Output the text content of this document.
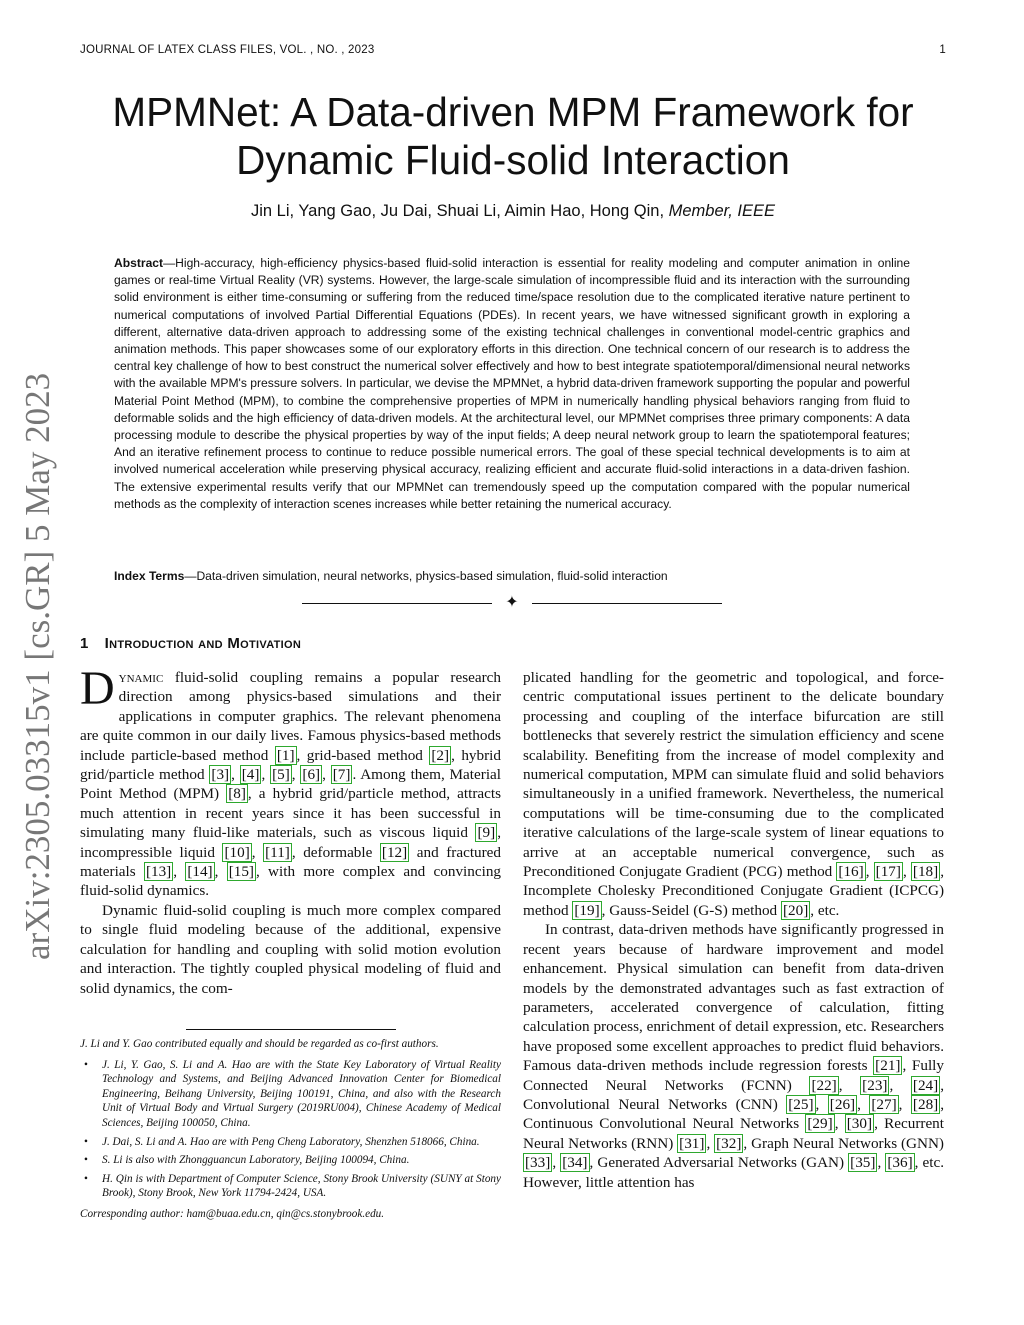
JOURNAL OF LATEX CLASS FILES, VOL. , NO. , 2023	1
arXiv:2305.03315v1 [cs.GR] 5 May 2023
MPMNet: A Data-driven MPM Framework for
Dynamic Fluid-solid Interaction
Jin Li, Yang Gao, Ju Dai, Shuai Li, Aimin Hao, Hong Qin, Member, IEEE

Abstract—High-accuracy, high-efficiency physics-based fluid-solid interaction is essential for reality modeling and computer animation in online games or real-time Virtual Reality (VR) systems. However, the large-scale simulation of incompressible fluid and its interaction with the surrounding solid environment is either time-consuming or suffering from the reduced time/space resolution due to the complicated iterative nature pertinent to numerical computations of involved Partial Differential Equations (PDEs). In recent years, we have witnessed significant growth in exploring a different, alternative data-driven approach to addressing some of the existing technical challenges in conventional model-centric graphics and animation methods. This paper showcases some of our exploratory efforts in this direction. One technical concern of our research is to address the central key challenge of how to best construct the numerical solver effectively and how to best integrate spatiotemporal/dimensional neural networks with the available MPM's pressure solvers. In particular, we devise the MPMNet, a hybrid data-driven framework supporting the popular and powerful Material Point Method (MPM), to combine the comprehensive properties of MPM in numerically handling physical behaviors ranging from fluid to deformable solids and the high efficiency of data-driven models. At the architectural level, our MPMNet comprises three primary components: A data processing module to describe the physical properties by way of the input fields; A deep neural network group to learn the spatiotemporal features; And an iterative refinement process to continue to reduce possible numerical errors. The goal of these special technical developments is to aim at involved numerical acceleration while preserving physical accuracy, realizing efficient and accurate fluid-solid interactions in a data-driven fashion. The extensive experimental results verify that our MPMNet can tremendously speed up the computation compared with the popular numerical methods as the complexity of interaction scenes increases while better retaining the numerical accuracy.

Index Terms—Data-driven simulation, neural networks, physics-based simulation, fluid-solid interaction
✦
1 Introduction and Motivation

Dynamic fluid-solid coupling remains a popular research direction among physics-based simulations and their applications in computer graphics. The relevant phenomena are quite common in our daily lives. Famous physics-based methods include particle-based method [1] , grid-based method [2] , hybrid grid/particle method [3] , [4] , [5] , [6] , [7] . Among them, Material Point Method (MPM) [8] , a hybrid grid/particle method, attracts much attention in recent years since it has been successful in simulating many fluid-like materials, such as viscous liquid [9] , incompressible liquid [10] , [11] , deformable [12] and fractured materials [13] , [14] , [15] , with more complex and convincing fluid-solid dynamics.

Dynamic fluid-solid coupling is much more complex compared to single fluid modeling because of the additional, expensive calculation for handling and coupling with solid motion evolution and interaction. The tightly coupled physical modeling of fluid and solid dynamics, the com-

plicated handling for the geometric and topological, and force-centric computational issues pertinent to the delicate boundary processing and coupling of the interface bifurcation are still bottlenecks that severely restrict the simulation efficiency and scene scalability. Benefiting from the increase of model complexity and numerical computation, MPM can simulate fluid and solid behaviors simultaneously in a unified framework. Nevertheless, the numerical computations will be time-consuming due to the complicated iterative calculations of the large-scale system of linear equations to arrive at an acceptable numerical convergence, such as Preconditioned Conjugate Gradient (PCG) method [16] , [17] , [18] , Incomplete Cholesky Preconditioned Conjugate Gradient (ICPCG) method [19] , Gauss-Seidel (G-S) method [20] , etc.

In contrast, data-driven methods have significantly progressed in recent years because of hardware improvement and model enhancement. Physical simulation can benefit from data-driven models by the demonstrated advantages such as fast extraction of parameters, accelerated convergence of calculation, fitting calculation process, enrichment of detail expression, etc. Researchers have proposed some excellent approaches to predict fluid behaviors. Famous data-driven methods include regression forests [21] , Fully Connected Neural Networks (FCNN) [22] , [23] , [24] , Convolutional Neural Networks (CNN) [25] , [26] , [27] , [28] , Continuous Convolutional Neural Networks [29] , [30] , Recurrent Neural Networks (RNN) [31] , [32] , Graph Neural Networks (GNN) [33] , [34] , Generated Adversarial Networks (GAN) [35] , [36] , etc. However, little attention has

J. Li and Y. Gao contributed equally and should be regarded as co-first authors.

• J. Li, Y. Gao, S. Li and A. Hao are with the State Key Laboratory of Virtual Reality Technology and Systems, and Beijing Advanced Innovation Center for Biomedical Engineering, Beihang University, Beijing 100191, China, and also with the Research Unit of Virtual Body and Virtual Surgery (2019RU004), Chinese Academy of Medical Sciences, Beijing 100050, China.
• J. Dai, S. Li and A. Hao are with Peng Cheng Laboratory, Shenzhen 518066, China.
• S. Li is also with Zhongguancun Laboratory, Beijing 100094, China.
• H. Qin is with Department of Computer Science, Stony Brook University (SUNY at Stony Brook), Stony Brook, New York 11794-2424, USA.

Corresponding author: ham@buaa.edu.cn, qin@cs.stonybrook.edu.
